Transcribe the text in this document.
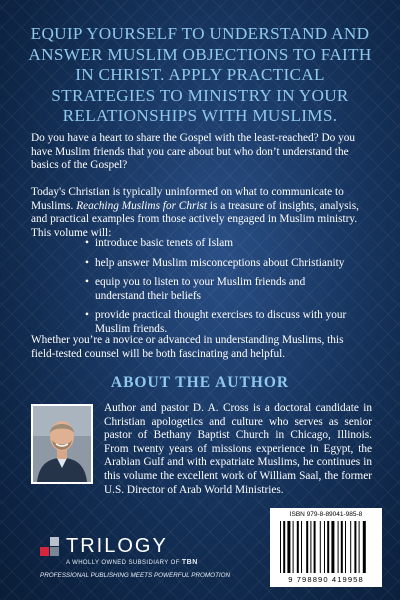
EQUIP YOURSELF TO UNDERSTAND AND ANSWER MUSLIM OBJECTIONS TO FAITH IN CHRIST. APPLY PRACTICAL STRATEGIES TO MINISTRY IN YOUR RELATIONSHIPS WITH MUSLIMS.

Do you have a heart to share the Gospel with the least-reached? Do you have Muslim friends that you care about but who don’t understand the basics of the Gospel?

Today's Christian is typically uninformed on what to communicate to Muslims. Reaching Muslims for Christ is a treasure of insights, analysis, and practical examples from those actively engaged in Muslim ministry. This volume will:

• introduce basic tenets of Islam
• help answer Muslim misconceptions about Christianity
• equip you to listen to your Muslim friends and understand their beliefs
• provide practical thought exercises to discuss with your Muslim friends.

Whether you’re a novice or advanced in understanding Muslims, this field-tested counsel will be both fascinating and helpful.

ABOUT THE AUTHOR

Author and pastor D. A. Cross is a doctoral candidate in Christian apologetics and culture who serves as senior pastor of Bethany Baptist Church in Chicago, Illinois. From twenty years of missions experience in Egypt, the Arabian Gulf and with expatriate Muslims, he continues in this volume the excellent work of William Saal, the former U.S. Director of Arab World Ministries.

TRILOGY
A WHOLLY OWNED SUBSIDIARY OF TBN
PROFESSIONAL PUBLISHING MEETS POWERFUL PROMOTION
ISBN 979-8-89041-985-8
9 798890 419958
